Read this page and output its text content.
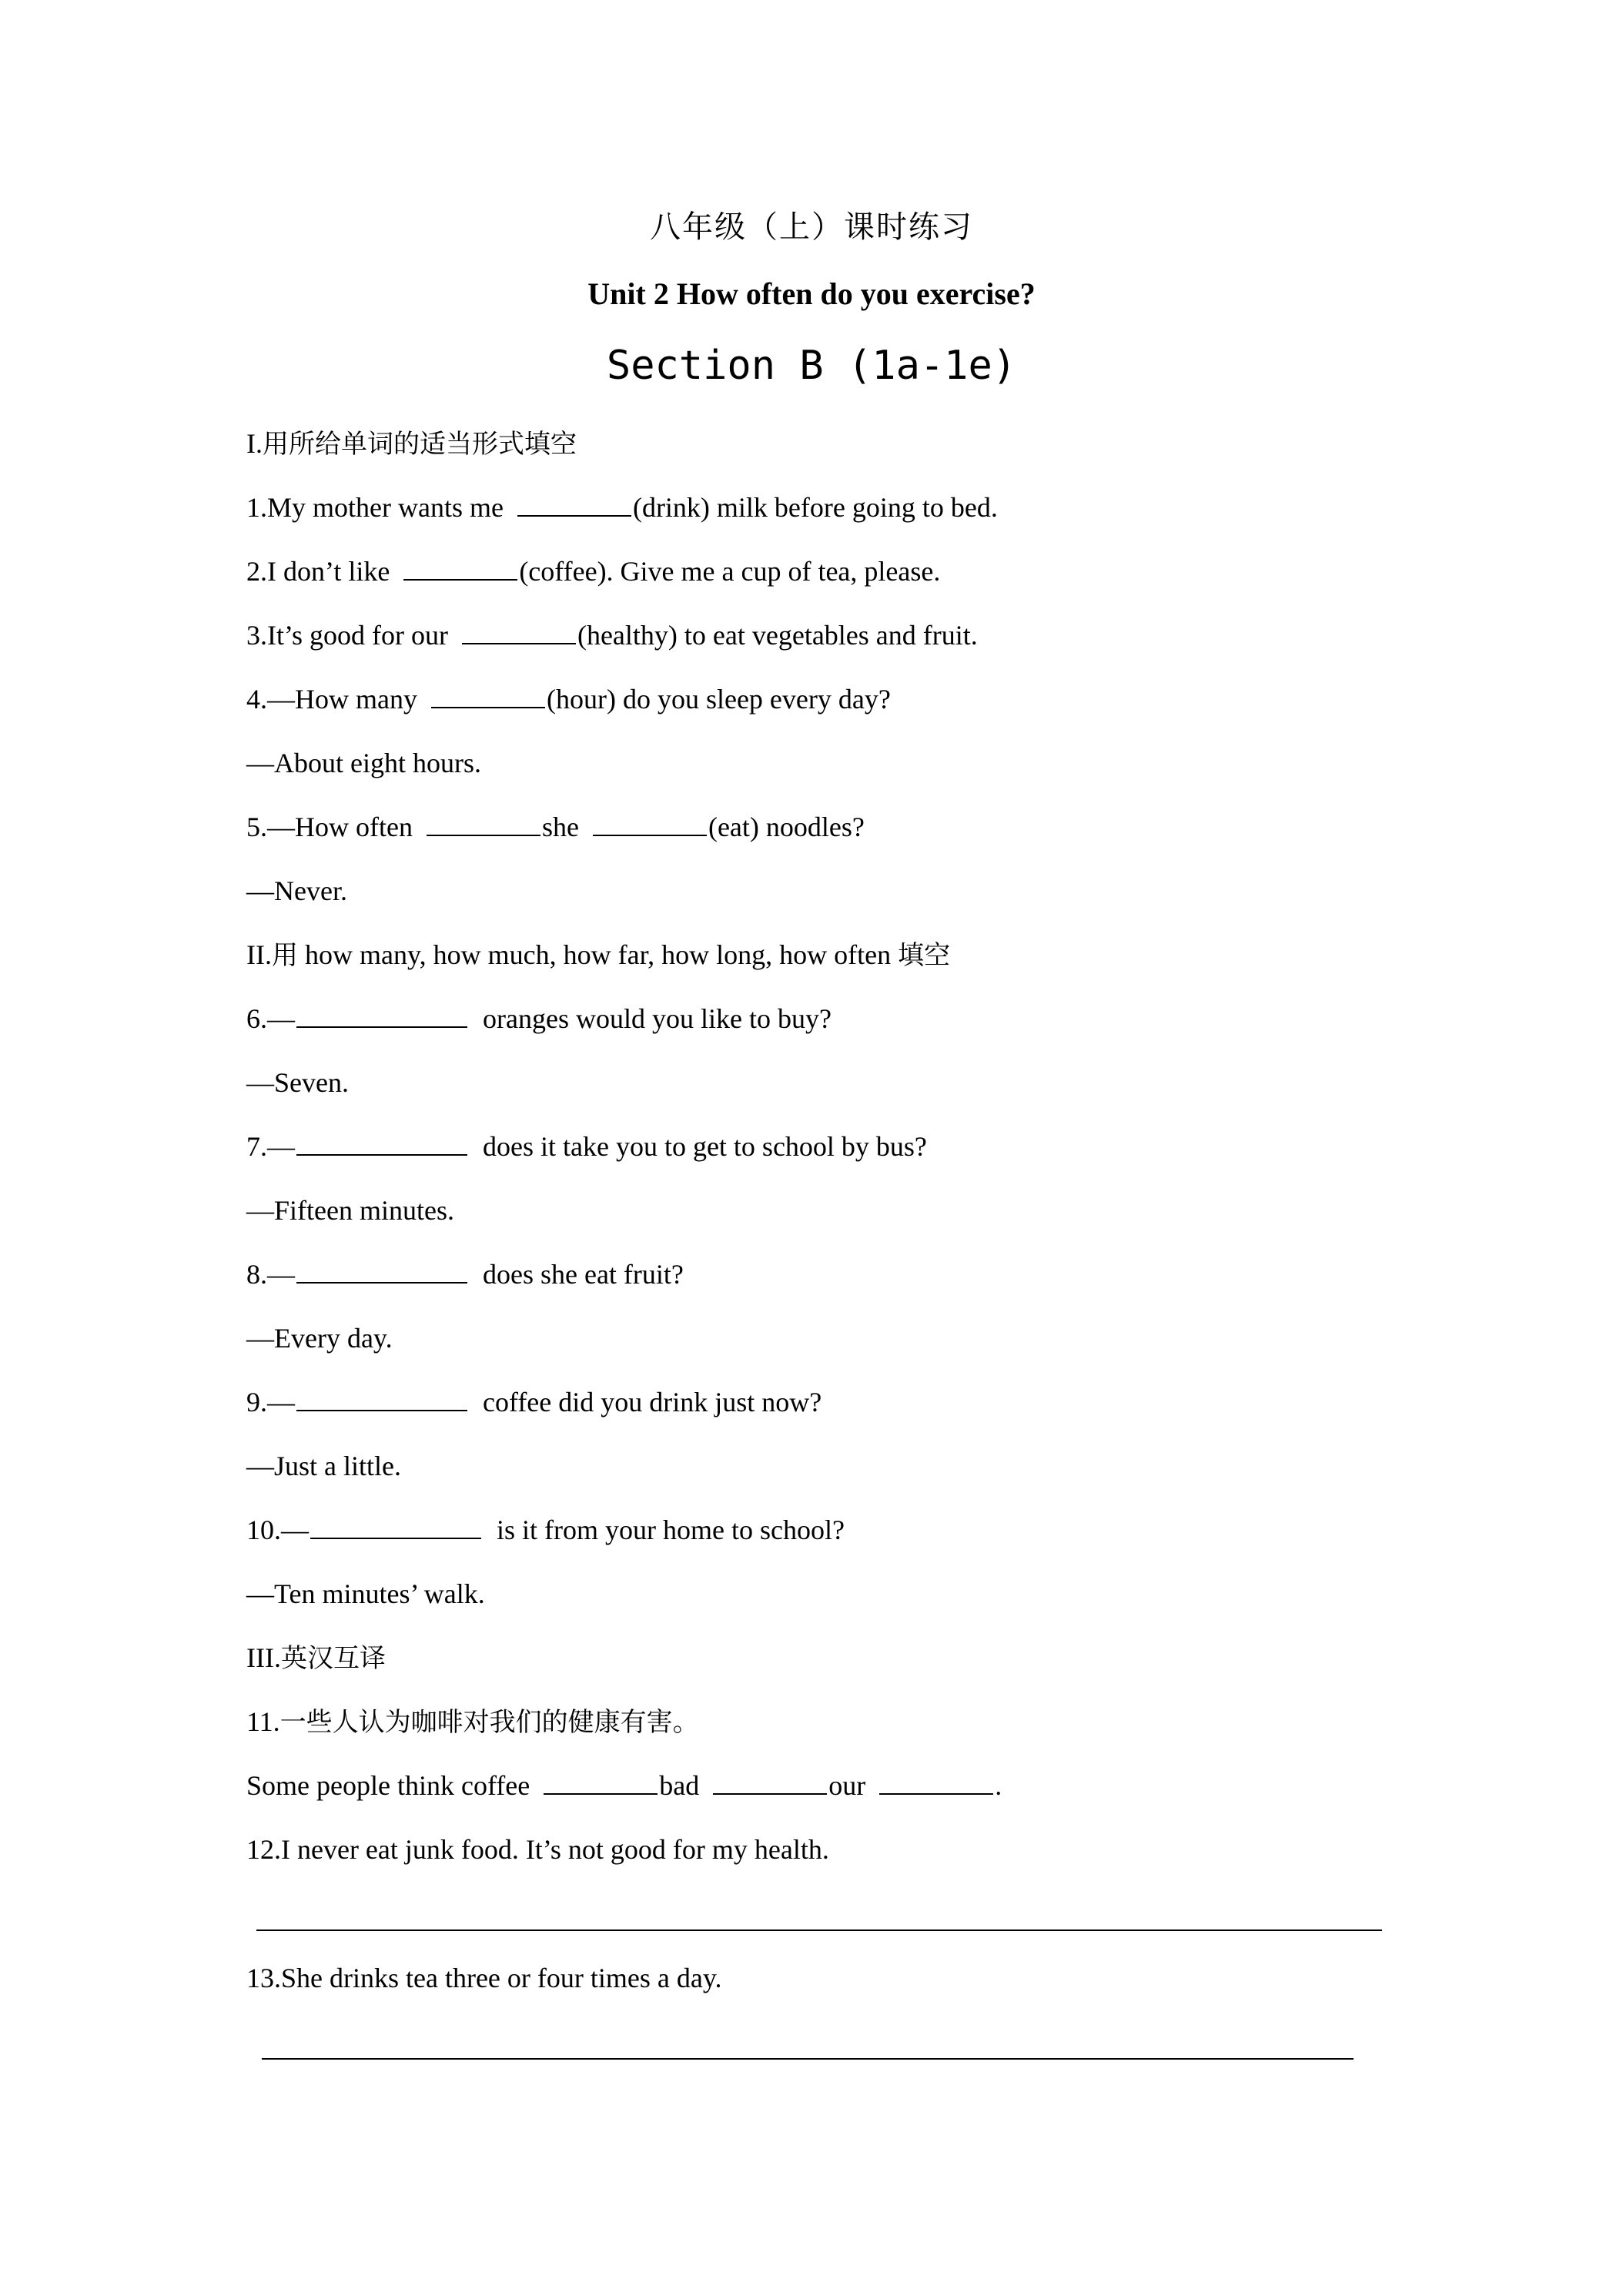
八年级（上）课时练习
Unit 2 How often do you exercise?
Section B (1a-1e)
I.用所给单词的适当形式填空
1.My mother wants me	(drink) milk before going to bed.
2.I don’t like	(coffee). Give me a cup of tea, please.
3.It’s good for our	(healthy) to eat vegetables and fruit.
4.—How many	(hour) do you sleep every day?
—About eight hours.
5.—How often	she	(eat) noodles?
—Never.
II.用 how many, how much, how far, how long, how often 填空
6.—	oranges would you like to buy?
—Seven.
7.—	does it take you to get to school by bus?
—Fifteen minutes.
8.—	does she eat fruit?
—Every day.
9.—	coffee did you drink just now?
—Just a little.
10.—	is it from your home to school?
—Ten minutes’ walk.
III.英汉互译
11.一些人认为咖啡对我们的健康有害。
Some people think coffee	bad	our	.
12.I never eat junk food. It’s not good for my health.
13.She drinks tea three or four times a day.
